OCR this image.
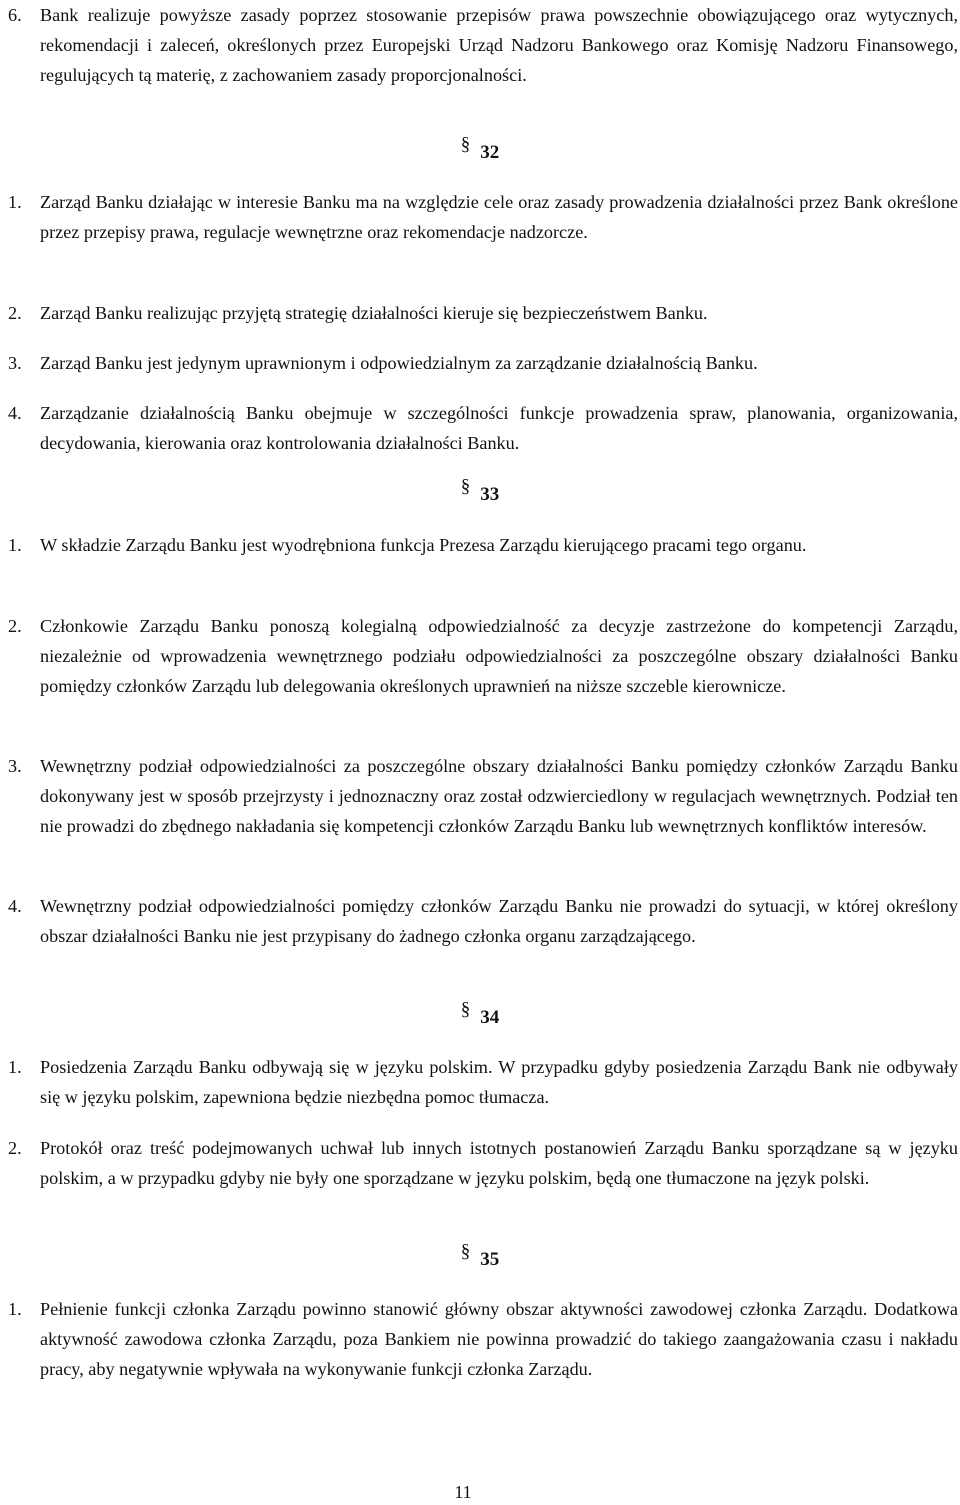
6.	Bank realizuje powyższe zasady poprzez stosowanie przepisów prawa powszechnie obowiązującego oraz wytycznych, rekomendacji i zaleceń, określonych przez Europejski Urząd Nadzoru Bankowego oraz Komisję Nadzoru Finansowego, regulujących tą materię, z zachowaniem zasady proporcjonalności.
§ 32
1.	Zarząd Banku działając w interesie Banku ma na względzie cele oraz zasady prowadzenia działalności przez Bank określone przez przepisy prawa, regulacje wewnętrzne oraz rekomendacje nadzorcze.
2.	Zarząd Banku realizując przyjętą strategię działalności kieruje się bezpieczeństwem Banku.
3.	Zarząd Banku jest jedynym uprawnionym i odpowiedzialnym za zarządzanie działalnością Banku.
4.	Zarządzanie działalnością Banku obejmuje w szczególności funkcje prowadzenia spraw, planowania, organizowania, decydowania, kierowania oraz kontrolowania działalności Banku.
§ 33
1.	W składzie Zarządu Banku jest wyodrębniona funkcja Prezesa Zarządu kierującego pracami tego organu.
2.	Członkowie Zarządu Banku ponoszą kolegialną odpowiedzialność za decyzje zastrzeżone do kompetencji Zarządu, niezależnie od wprowadzenia wewnętrznego podziału odpowiedzialności za poszczególne obszary działalności Banku pomiędzy członków Zarządu lub delegowania określonych uprawnień na niższe szczeble kierownicze.
3.	Wewnętrzny podział odpowiedzialności za poszczególne obszary działalności Banku pomiędzy członków Zarządu Banku dokonywany jest w sposób przejrzysty i jednoznaczny oraz został odzwierciedlony w regulacjach wewnętrznych. Podział ten nie prowadzi do zbędnego nakładania się kompetencji członków Zarządu Banku lub wewnętrznych konfliktów interesów.
4.	Wewnętrzny podział odpowiedzialności pomiędzy członków Zarządu Banku nie prowadzi do sytuacji, w której określony obszar działalności Banku nie jest przypisany do żadnego członka organu zarządzającego.
§ 34
1.	Posiedzenia Zarządu Banku odbywają się w języku polskim. W przypadku gdyby posiedzenia Zarządu Bank nie odbywały się w języku polskim, zapewniona będzie niezbędna pomoc tłumacza.
2.	Protokół oraz treść podejmowanych uchwał lub innych istotnych postanowień Zarządu Banku sporządzane są w języku polskim, a w przypadku gdyby nie były one sporządzane w języku polskim, będą one tłumaczone na język polski.
§ 35
1.	Pełnienie funkcji członka Zarządu powinno stanowić główny obszar aktywności zawodowej członka Zarządu. Dodatkowa aktywność zawodowa członka Zarządu, poza Bankiem nie powinna prowadzić do takiego zaangażowania czasu i nakładu pracy, aby negatywnie wpływała na wykonywanie funkcji członka Zarządu.
11
